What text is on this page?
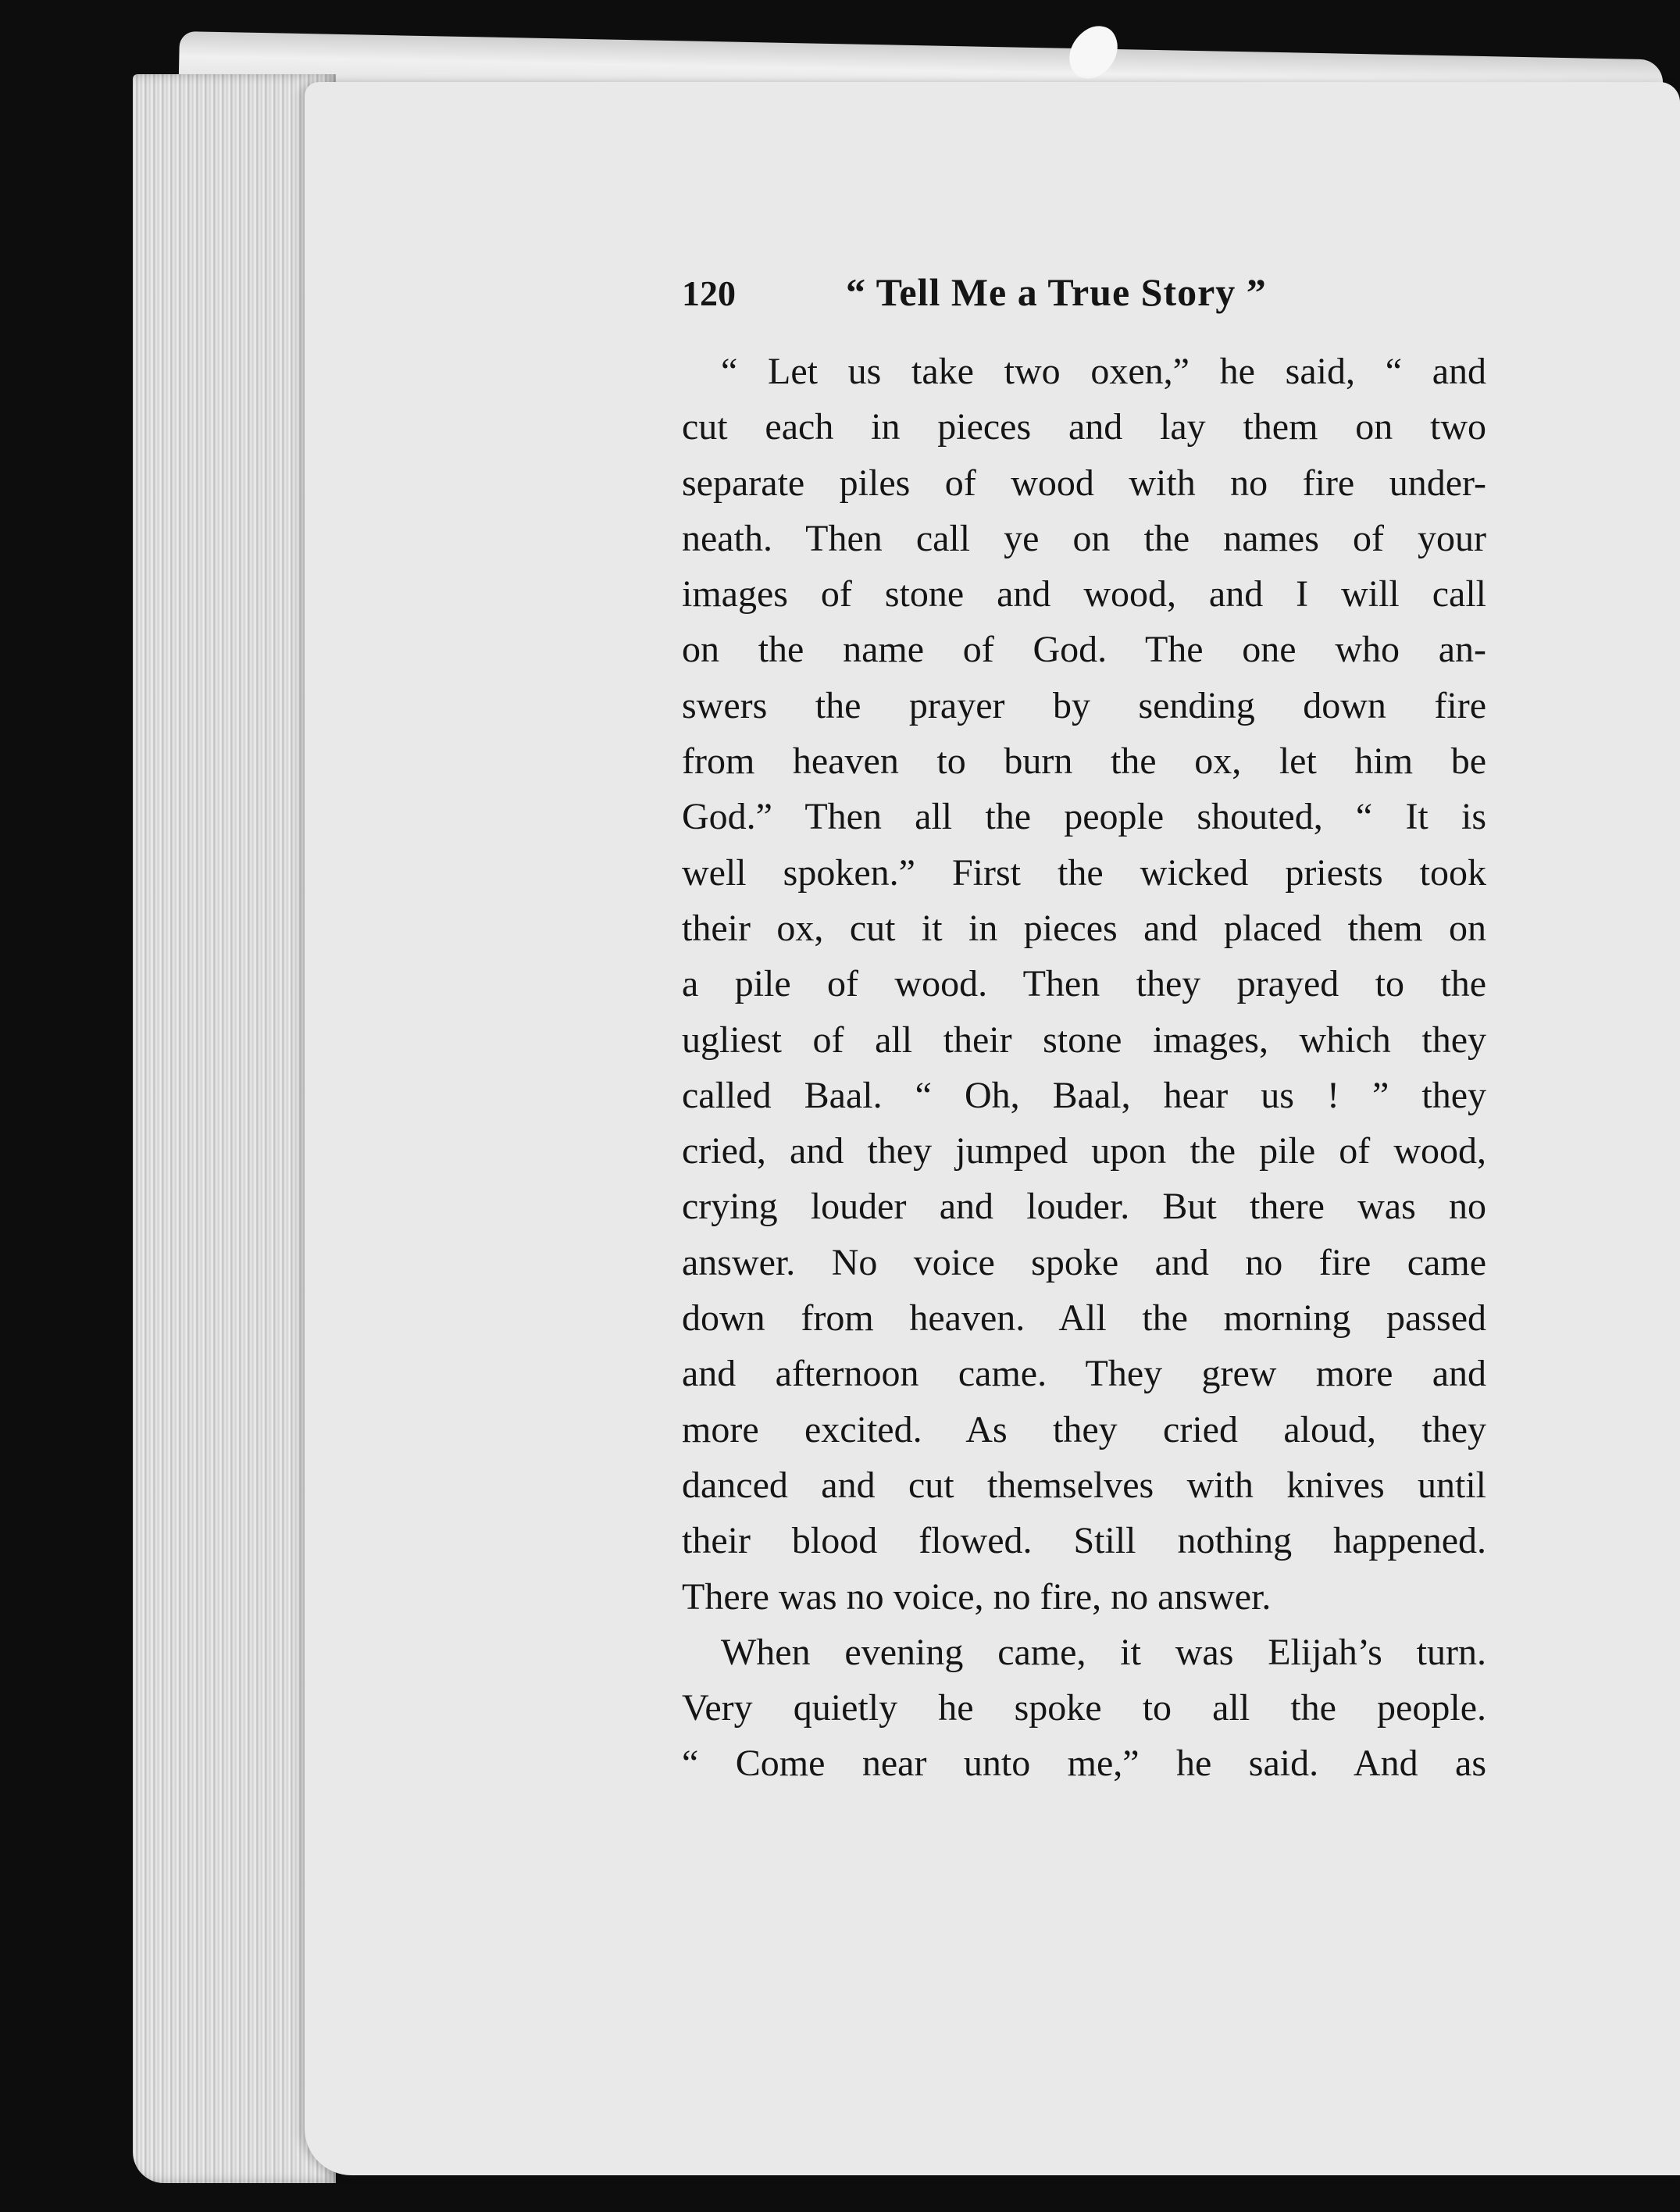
120	“ Tell Me a True Story ”
“ Let us take two oxen,” he said, “ and
cut each in pieces and lay them on two
separate piles of wood with no fire under-
neath. Then call ye on the names of your
images of stone and wood, and I will call
on the name of God. The one who an-
swers the prayer by sending down fire
from heaven to burn the ox, let him be
God.” Then all the people shouted, “ It is
well spoken.” First the wicked priests took
their ox, cut it in pieces and placed them on
a pile of wood. Then they prayed to the
ugliest of all their stone images, which they
called Baal. “ Oh, Baal, hear us ! ” they
cried, and they jumped upon the pile of wood,
crying louder and louder. But there was no
answer. No voice spoke and no fire came
down from heaven. All the morning passed
and afternoon came. They grew more and
more excited. As they cried aloud, they
danced and cut themselves with knives until
their blood flowed. Still nothing happened.
There was no voice, no fire, no answer.
When evening came, it was Elijah’s turn.
Very quietly he spoke to all the people.
“ Come near unto me,” he said. And as
